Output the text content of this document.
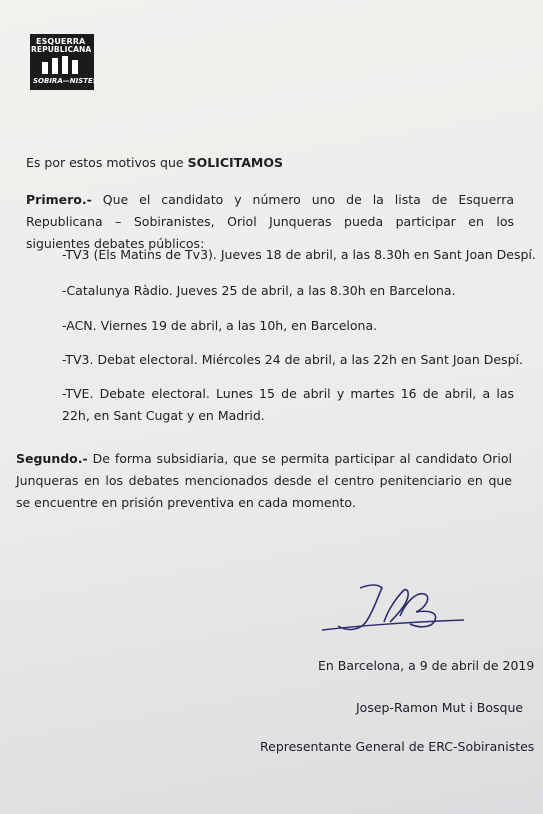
ESQUERRA
REPUBLICANA
SOBIRA—NISTES
Es por estos motivos que SOLICITAMOS
Primero.- Que el candidato y número uno de la lista de Esquerra Republicana – Sobiranistes, Oriol Junqueras pueda participar en los siguientes debates públicos:
-TV3 (Els Matins de Tv3). Jueves 18 de abril, a las 8.30h en Sant Joan Despí.
-Catalunya Ràdio. Jueves 25 de abril, a las 8.30h en Barcelona.
-ACN. Viernes 19 de abril, a las 10h, en Barcelona.
-TV3. Debat electoral. Miércoles 24 de abril, a las 22h en Sant Joan Despí.
-TVE. Debate electoral. Lunes 15 de abril y martes 16 de abril, a las 22h, en Sant Cugat y en Madrid.
Segundo.- De forma subsidiaria, que se permita participar al candidato Oriol Junqueras en los debates mencionados desde el centro penitenciario en que se encuentre en prisión preventiva en cada momento.
En Barcelona, a 9 de abril de 2019
Josep-Ramon Mut i Bosque
Representante General de ERC-Sobiranistes
